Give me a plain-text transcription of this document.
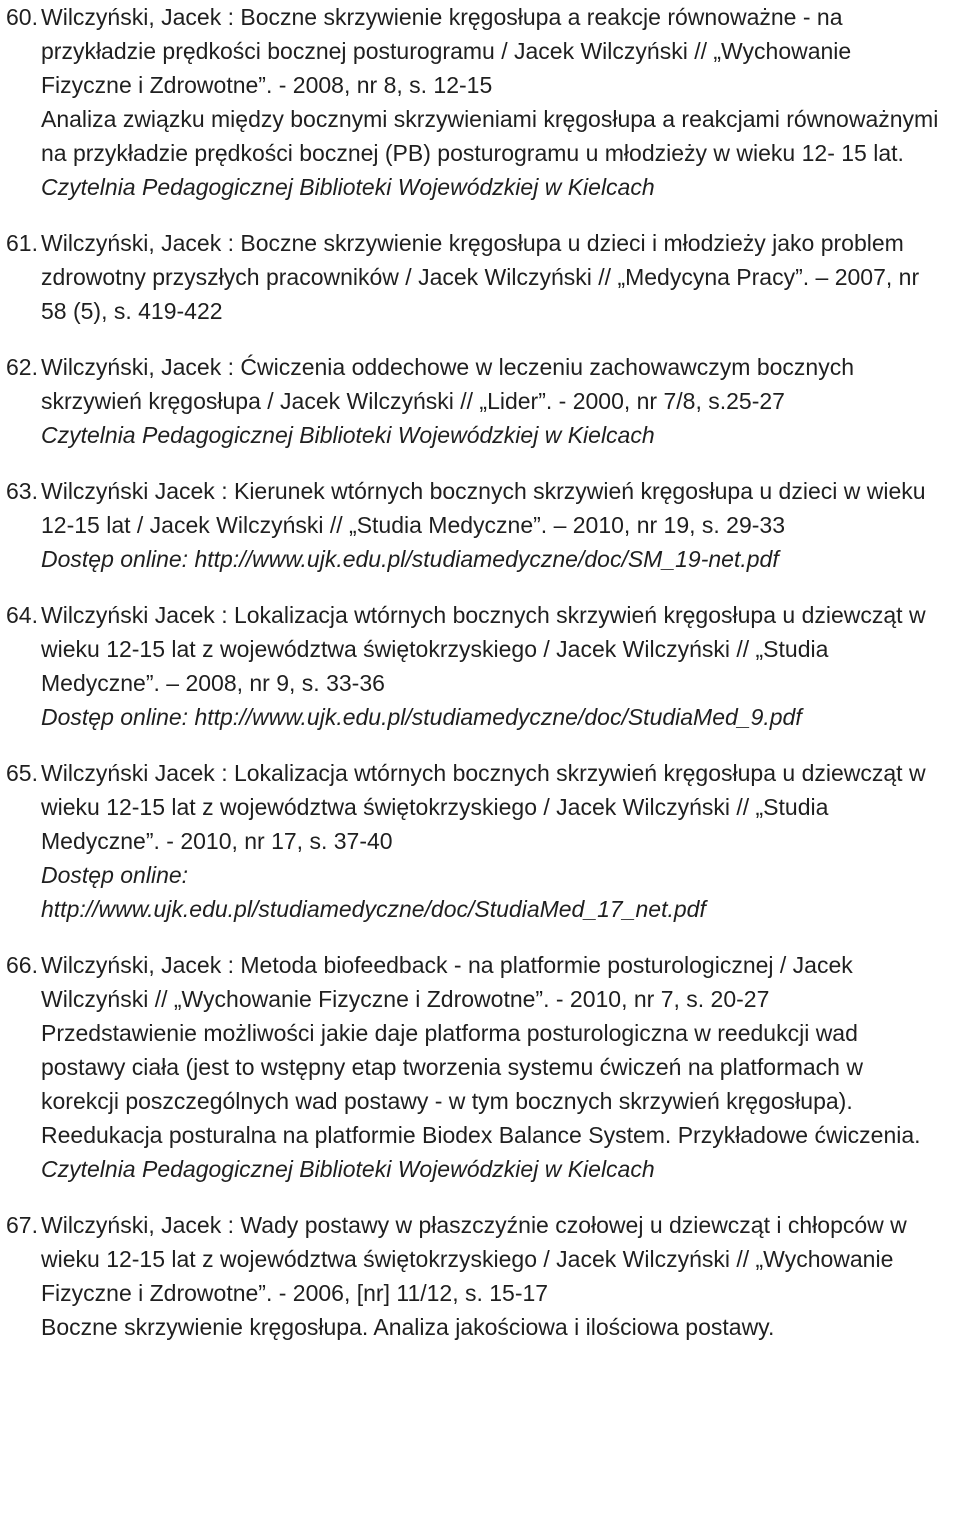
60. Wilczyński, Jacek : Boczne skrzywienie kręgosłupa a reakcje równoważne - na przykładzie prędkości bocznej posturogramu / Jacek Wilczyński // „Wychowanie Fizyczne i Zdrowotne”. - 2008, nr 8, s. 12-15
Analiza związku między bocznymi skrzywieniami kręgosłupa a reakcjami równoważnymi na przykładzie prędkości bocznej (PB) posturogramu u młodzieży w wieku 12- 15 lat.
Czytelnia Pedagogicznej Biblioteki Wojewódzkiej w Kielcach
61. Wilczyński, Jacek : Boczne skrzywienie kręgosłupa u dzieci i młodzieży jako problem zdrowotny przyszłych pracowników / Jacek Wilczyński // „Medycyna Pracy”. – 2007, nr 58 (5), s. 419-422
62. Wilczyński, Jacek : Ćwiczenia oddechowe w leczeniu zachowawczym bocznych skrzywień kręgosłupa / Jacek Wilczyński // „Lider”. - 2000, nr 7/8, s.25-27
Czytelnia Pedagogicznej Biblioteki Wojewódzkiej w Kielcach
63. Wilczyński Jacek : Kierunek wtórnych bocznych skrzywień kręgosłupa u dzieci w wieku 12-15 lat / Jacek Wilczyński // „Studia Medyczne”. – 2010, nr 19, s. 29-33
Dostęp online: http://www.ujk.edu.pl/studiamedyczne/doc/SM_19-net.pdf
64. Wilczyński Jacek : Lokalizacja wtórnych bocznych skrzywień kręgosłupa u dziewcząt w wieku 12-15 lat z województwa świętokrzyskiego / Jacek Wilczyński // „Studia Medyczne”. – 2008, nr 9, s. 33-36
Dostęp online: http://www.ujk.edu.pl/studiamedyczne/doc/StudiaMed_9.pdf
65. Wilczyński Jacek : Lokalizacja wtórnych bocznych skrzywień kręgosłupa u dziewcząt w wieku 12-15 lat z województwa świętokrzyskiego / Jacek Wilczyński // „Studia Medyczne”. - 2010, nr 17, s. 37-40
Dostęp online:
http://www.ujk.edu.pl/studiamedyczne/doc/StudiaMed_17_net.pdf
66. Wilczyński, Jacek : Metoda biofeedback - na platformie posturologicznej / Jacek Wilczyński // „Wychowanie Fizyczne i Zdrowotne”. - 2010, nr 7, s. 20-27
Przedstawienie możliwości jakie daje platforma posturologiczna w reedukcji wad postawy ciała (jest to wstępny etap tworzenia systemu ćwiczeń na platformach w korekcji poszczególnych wad postawy - w tym bocznych skrzywień kręgosłupa). Reedukacja posturalna na platformie Biodex Balance System. Przykładowe ćwiczenia.
Czytelnia Pedagogicznej Biblioteki Wojewódzkiej w Kielcach
67. Wilczyński, Jacek : Wady postawy w płaszczyźnie czołowej u dziewcząt i chłopców w wieku 12-15 lat z województwa świętokrzyskiego / Jacek Wilczyński // „Wychowanie Fizyczne i Zdrowotne”. - 2006, [nr] 11/12, s. 15-17
Boczne skrzywienie kręgosłupa. Analiza jakościowa i ilościowa postawy.
